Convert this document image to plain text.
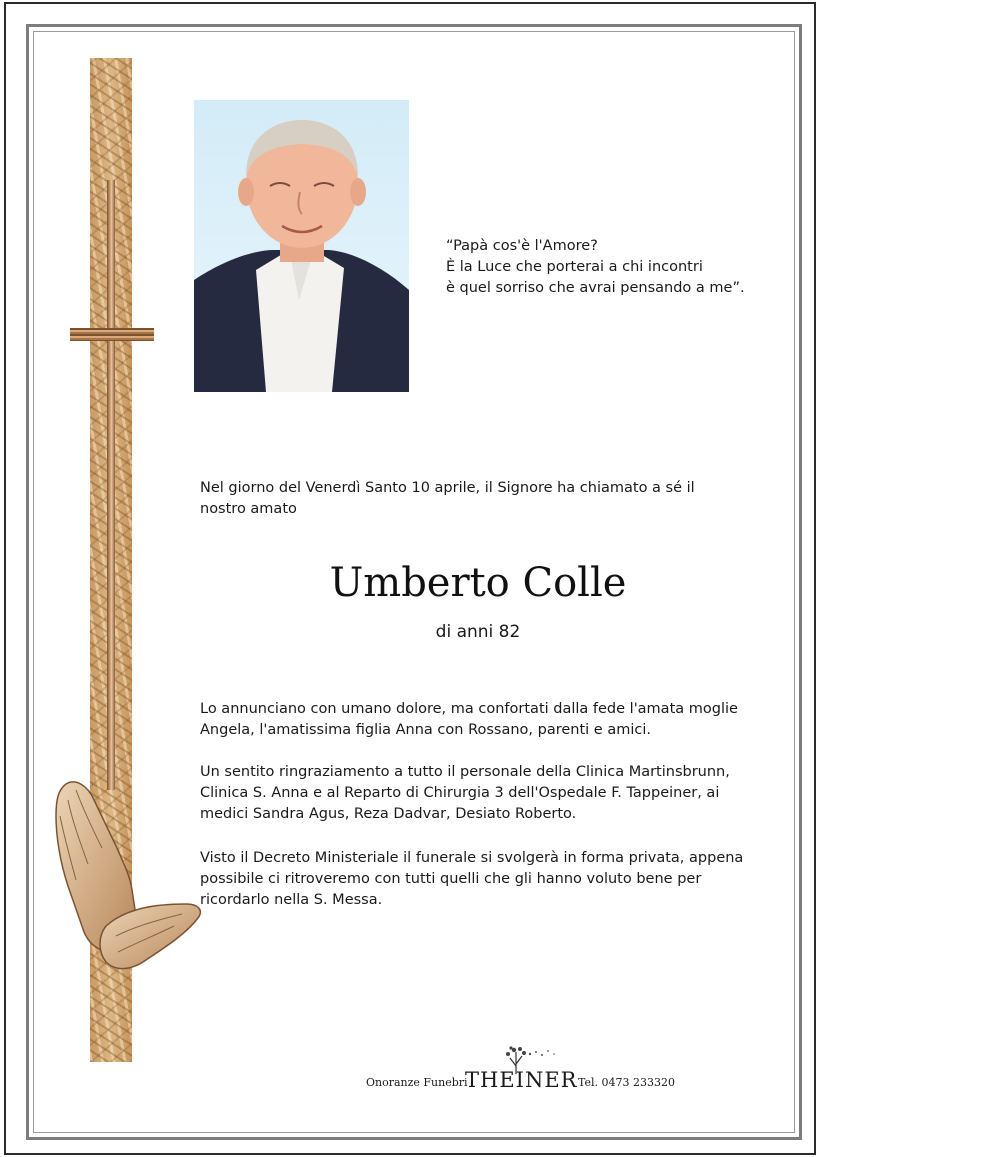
“Papà cos'è l'Amore?
È la Luce che porterai a chi incontri
è quel sorriso che avrai pensando a me”.
Nel giorno del Venerdì Santo 10 aprile, il Signore ha chiamato a sé il
nostro amato
Umberto Colle
di anni 82
Lo annunciano con umano dolore, ma confortati dalla fede l'amata moglie
Angela, l'amatissima figlia Anna con Rossano, parenti e amici.
Un sentito ringraziamento a tutto il personale della Clinica Martinsbrunn,
Clinica S. Anna e al Reparto di Chirurgia 3 dell'Ospedale F. Tappeiner, ai
medici Sandra Agus, Reza Dadvar, Desiato Roberto.
Visto il Decreto Ministeriale il funerale si svolgerà in forma privata, appena
possibile ci ritroveremo con tutti quelli che gli hanno voluto bene per
ricordarlo nella S. Messa.
Onoranze Funebri
THEINER Tel. 0473 233320
